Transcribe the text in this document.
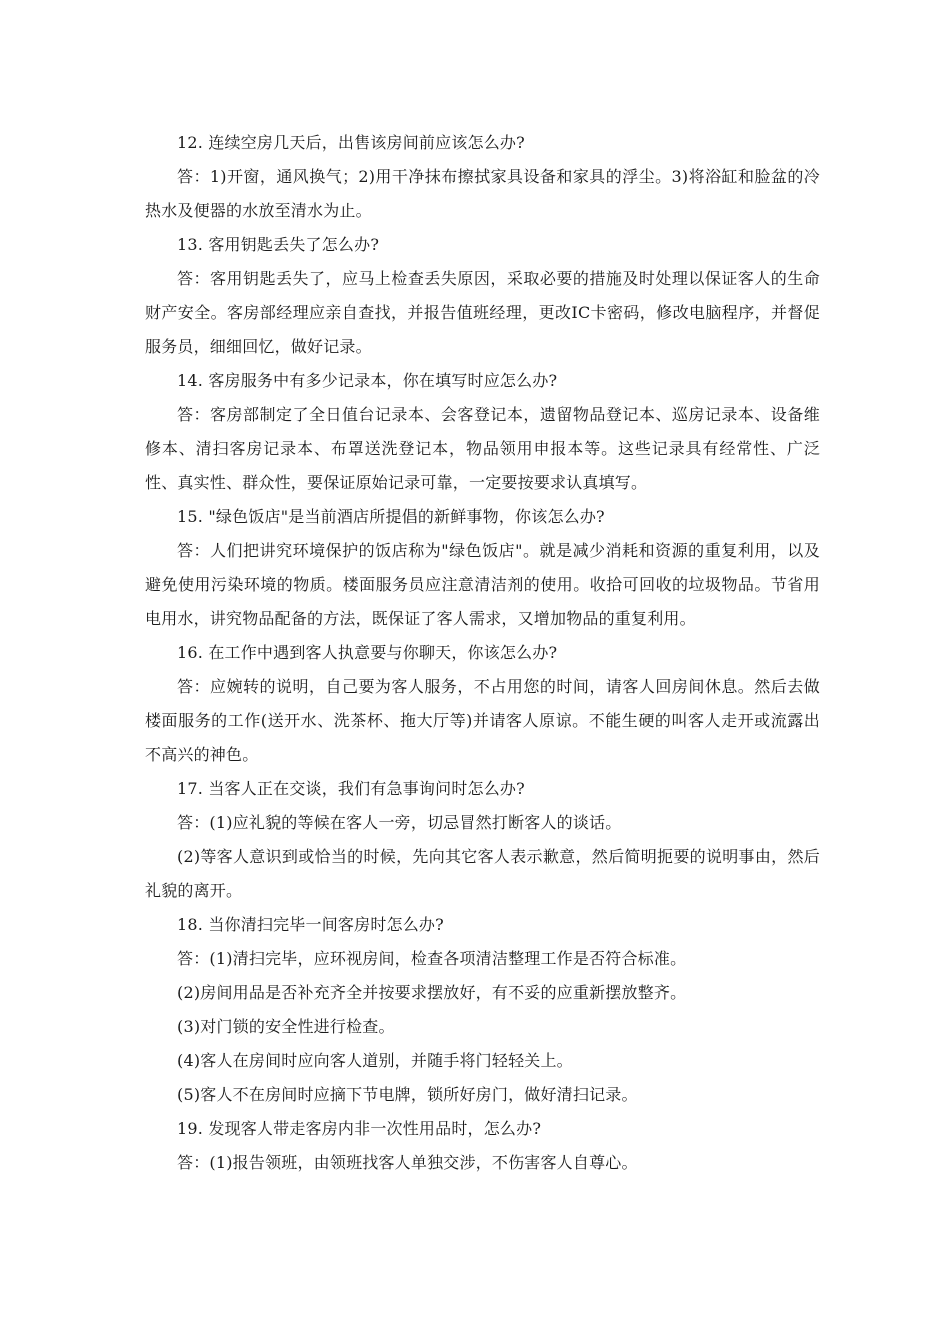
12. 连续空房几天后，出售该房间前应该怎么办?

答：1)开窗，通风换气；2)用干净抹布擦拭家具设备和家具的浮尘。3)将浴缸和脸盆的冷热水及便器的水放至清水为止。

13. 客用钥匙丢失了怎么办?

答：客用钥匙丢失了，应马上检查丢失原因，采取必要的措施及时处理以保证客人的生命财产安全。客房部经理应亲自查找，并报告值班经理，更改IC卡密码，修改电脑程序，并督促服务员，细细回忆，做好记录。

14. 客房服务中有多少记录本，你在填写时应怎么办?

答：客房部制定了全日值台记录本、会客登记本，遗留物品登记本、巡房记录本、设备维修本、清扫客房记录本、布罩送洗登记本，物品领用申报本等。这些记录具有经常性、广泛性、真实性、群众性，要保证原始记录可靠，一定要按要求认真填写。

15. "绿色饭店"是当前酒店所提倡的新鲜事物，你该怎么办?

答：人们把讲究环境保护的饭店称为"绿色饭店"。就是减少消耗和资源的重复利用，以及避免使用污染环境的物质。楼面服务员应注意清洁剂的使用。收拾可回收的垃圾物品。节省用电用水，讲究物品配备的方法，既保证了客人需求，又增加物品的重复利用。

16. 在工作中遇到客人执意要与你聊天，你该怎么办?

答：应婉转的说明，自己要为客人服务，不占用您的时间，请客人回房间休息。然后去做楼面服务的工作(送开水、洗茶杯、拖大厅等)并请客人原谅。不能生硬的叫客人走开或流露出不高兴的神色。

17. 当客人正在交谈，我们有急事询问时怎么办?

答：(1)应礼貌的等候在客人一旁，切忌冒然打断客人的谈话。

(2)等客人意识到或恰当的时候，先向其它客人表示歉意，然后简明扼要的说明事由，然后礼貌的离开。

18. 当你清扫完毕一间客房时怎么办?

答：(1)清扫完毕，应环视房间，检查各项清洁整理工作是否符合标准。

(2)房间用品是否补充齐全并按要求摆放好，有不妥的应重新摆放整齐。

(3)对门锁的安全性进行检查。

(4)客人在房间时应向客人道别，并随手将门轻轻关上。

(5)客人不在房间时应摘下节电牌，锁所好房门，做好清扫记录。

19. 发现客人带走客房内非一次性用品时，怎么办?

答：(1)报告领班，由领班找客人单独交涉，不伤害客人自尊心。
